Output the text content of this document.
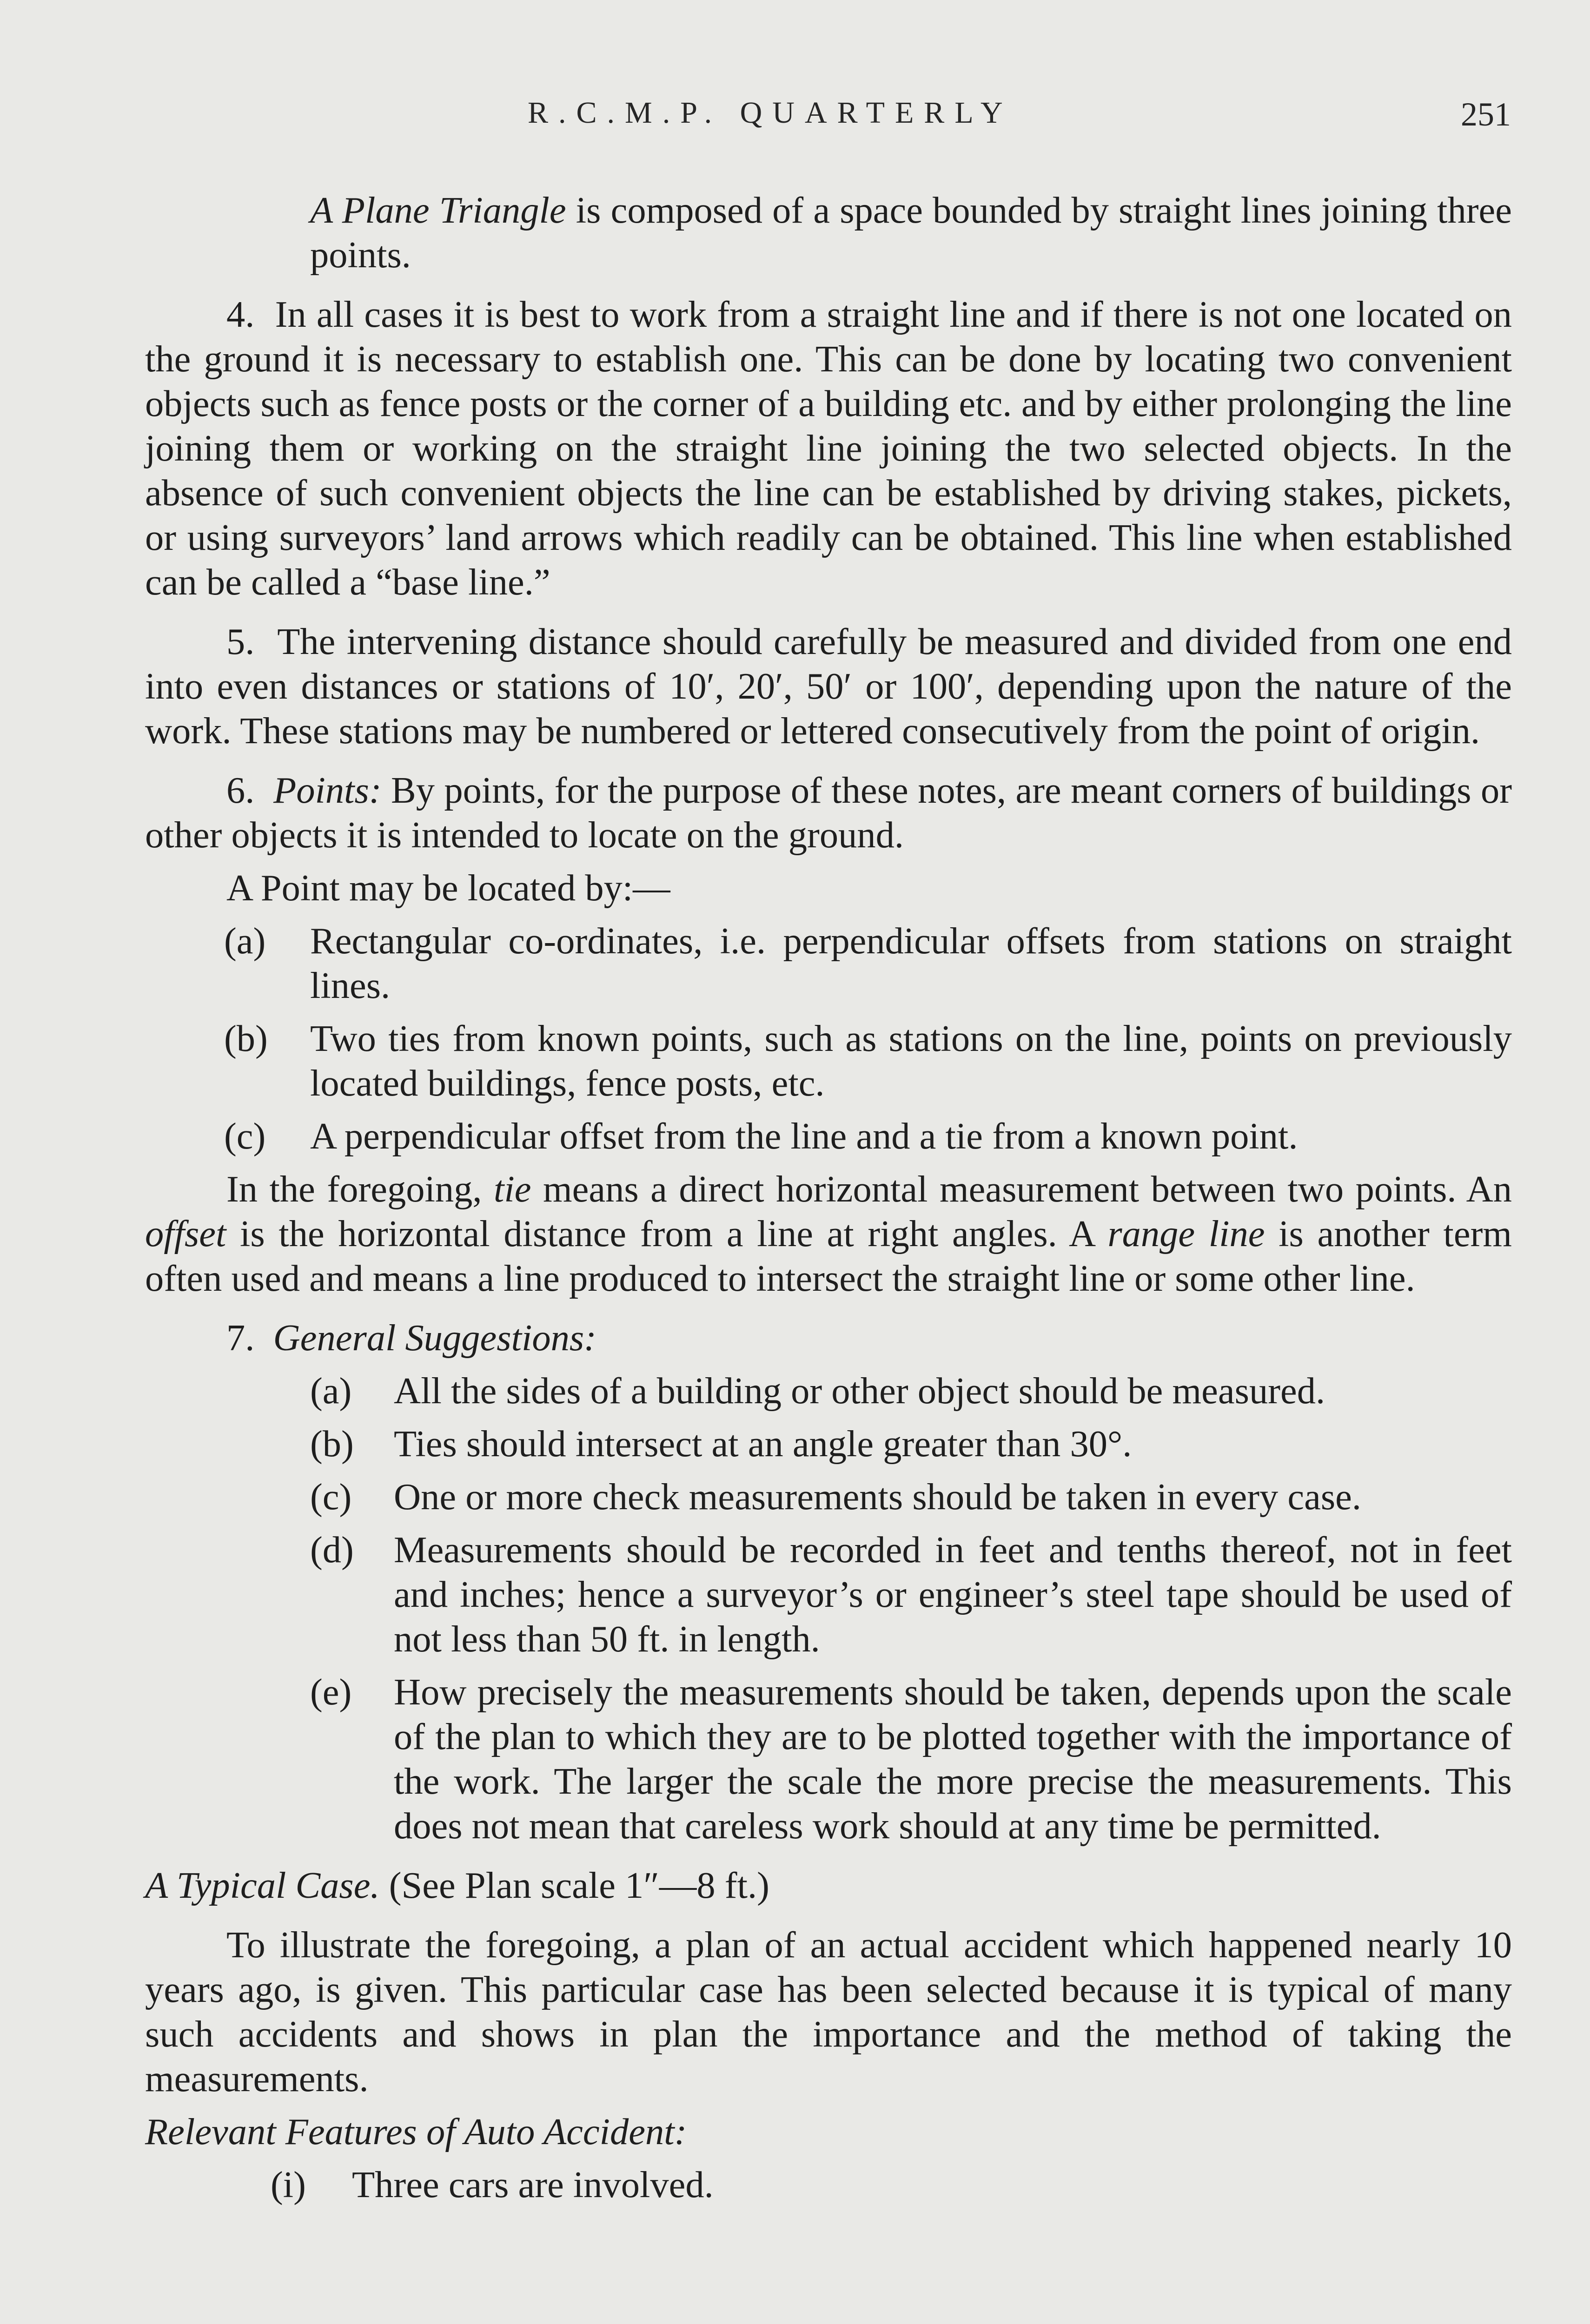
R.C.M.P. QUARTERLY	251

A Plane Triangle is composed of a space bounded by straight lines joining three points.

4. In all cases it is best to work from a straight line and if there is not one located on the ground it is necessary to establish one. This can be done by locating two convenient objects such as fence posts or the corner of a building etc. and by either prolonging the line joining them or working on the straight line joining the two selected objects. In the absence of such convenient objects the line can be established by driving stakes, pickets, or using surveyors’ land arrows which readily can be obtained. This line when established can be called a “base line.”

5. The intervening distance should carefully be measured and divided from one end into even distances or stations of 10′, 20′, 50′ or 100′, depending upon the nature of the work. These stations may be numbered or lettered consecutively from the point of origin.

6. Points: By points, for the purpose of these notes, are meant corners of buildings or other objects it is intended to locate on the ground.

A Point may be located by:—

(a)	Rectangular co-ordinates, i.e. perpendicular offsets from stations on straight lines.
(b)	Two ties from known points, such as stations on the line, points on previously located buildings, fence posts, etc.
(c)	A perpendicular offset from the line and a tie from a known point.

In the foregoing, tie means a direct horizontal measurement between two points. An offset is the horizontal distance from a line at right angles. A range line is another term often used and means a line produced to intersect the straight line or some other line.

7. General Suggestions:

(a)	All the sides of a building or other object should be measured.
(b)	Ties should intersect at an angle greater than 30°.
(c)	One or more check measurements should be taken in every case.
(d)	Measurements should be recorded in feet and tenths thereof, not in feet and inches; hence a surveyor’s or engineer’s steel tape should be used of not less than 50 ft. in length.
(e)	How precisely the measurements should be taken, depends upon the scale of the plan to which they are to be plotted together with the importance of the work. The larger the scale the more precise the measurements. This does not mean that careless work should at any time be permitted.

A Typical Case. (See Plan scale 1″—8 ft.)

To illustrate the foregoing, a plan of an actual accident which happened nearly 10 years ago, is given. This particular case has been selected because it is typical of many such accidents and shows in plan the importance and the method of taking the measurements.

Relevant Features of Auto Accident:

(i)	Three cars are involved.
